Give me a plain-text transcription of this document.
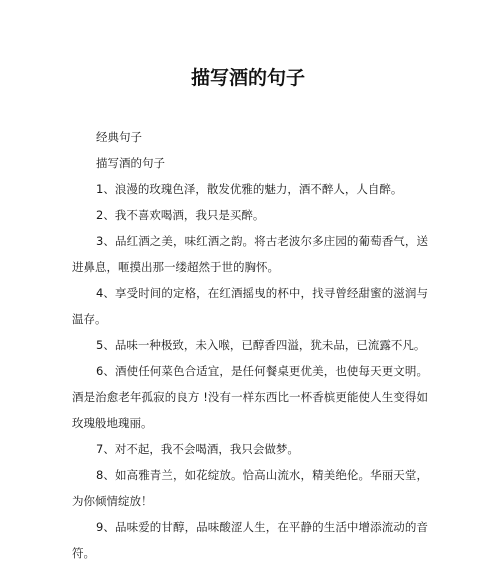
描写酒的句子

经典句子

描写酒的句子

1、浪漫的玫瑰色泽，散发优雅的魅力，酒不醉人，人自醉。

2、我不喜欢喝酒，我只是买醉。

3、品红酒之美，味红酒之韵。将古老波尔多庄园的葡萄香气，送进鼻息，咂摸出那一缕超然于世的胸怀。

4、享受时间的定格，在红酒摇曳的杯中，找寻曾经甜蜜的滋润与温存。

5、品味一种极致，未入喉，已醇香四溢，犹未品，已流露不凡。

6、酒使任何菜色合适宜，是任何餐桌更优美，也使每天更文明。酒是治愈老年孤寂的良方 !没有一样东西比一杯香槟更能使人生变得如玫瑰般地瑰丽。

7、对不起，我不会喝酒，我只会做梦。

8、如高雅青兰，如花绽放。恰高山流水，精美绝伦。华丽天堂，为你倾情绽放！

9、品味爱的甘醇，品味酸涩人生，在平静的生活中增添流动的音符。
